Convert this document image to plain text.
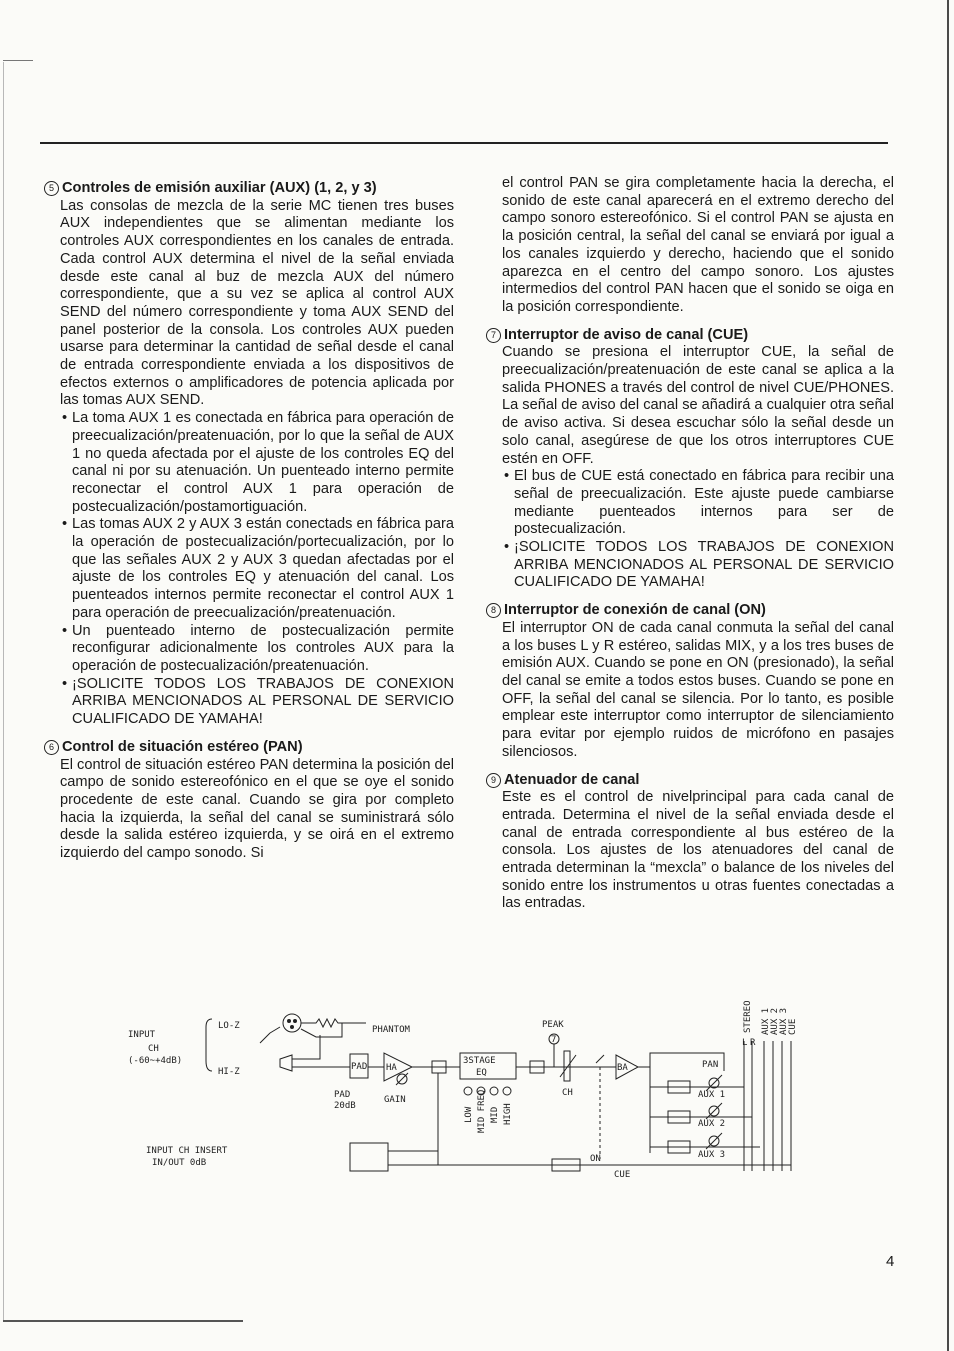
5 Controles de emisión auxiliar (AUX) (1, 2, y 3)

Las consolas de mezcla de la serie MC tienen tres buses AUX independientes que se alimentan mediante los controles AUX correspondientes en los canales de entrada. Cada control AUX determina el nivel de la señal enviada desde este canal al buz de mezcla AUX del número correspondiente, que a su vez se aplica al control AUX SEND del número correspondiente y toma AUX SEND del panel posterior de la consola. Los controles AUX pueden usarse para determinar la cantidad de señal desde el canal de entrada correspondiente enviada a los dispositivos de efectos externos o amplificadores de potencia aplicada por las tomas AUX SEND.

• La toma AUX 1 es conectada en fábrica para operación de preecualización/preatenuación, por lo que la señal de AUX 1 no queda afectada por el ajuste de los controles EQ del canal ni por su atenuación. Un puenteado interno permite reconectar el control AUX 1 para operación de postecualización/postamortiguación.
• Las tomas AUX 2 y AUX 3 están conectads en fábrica para la operación de postecualización/portecualización, por lo que las señales AUX 2 y AUX 3 quedan afectadas por el ajuste de los controles EQ y atenuación del canal. Los puenteados internos permite reconectar el control AUX 1 para operación de preecualización/preatenuación.
• Un puenteado interno de postecualización permite reconfigurar adicionalmente los controles AUX para la operación de postecualización/preatenuación.
• ¡SOLICITE TODOS LOS TRABAJOS DE CONEXION ARRIBA MENCIONADOS AL PERSONAL DE SERVICIO CUALIFICADO DE YAMAHA!

6 Control de situación estéreo (PAN)

El control de situación estéreo PAN determina la posición del campo de sonido estereofónico en el que se oye el sonido procedente de este canal. Cuando se gira por completo hacia la izquierda, la señal del canal se suministrará sólo desde la salida estéreo izquierda, y se oirá en el extremo izquierdo del campo sonodo. Si

el control PAN se gira completamente hacia la derecha, el sonido de este canal aparecerá en el extremo derecho del campo sonoro estereofónico. Si el control PAN se ajusta en la posición central, la señal del canal se enviará por igual a los canales izquierdo y derecho, haciendo que el sonido aparezca en el centro del campo sonoro. Los ajustes intermedios del control PAN hacen que el sonido se oiga en la posición correspondiente.

7 Interruptor de aviso de canal (CUE)

Cuando se presiona el interruptor CUE, la señal de preecualización/preatenuación de este canal se aplica a la salida PHONES a través del control de nivel CUE/PHONES. La señal de aviso del canal se añadirá a cualquier otra señal de aviso activa. Si desea escuchar sólo la señal desde un solo canal, asegúrese de que los otros interruptores CUE estén en OFF.

• El bus de CUE está conectado en fábrica para recibir una señal de preecualización. Este ajuste puede cambiarse mediante puenteados internos para ser de postecualización.
• ¡SOLICITE TODOS LOS TRABAJOS DE CONEXION ARRIBA MENCIONADOS AL PERSONAL DE SERVICIO CUALIFICADO DE YAMAHA!

8 Interruptor de conexión de canal (ON)

El interruptor ON de cada canal conmuta la señal del canal a los buses L y R estéreo, salidas MIX, y a los tres buses de emisión AUX. Cuando se pone en ON (presionado), la señal del canal se emite a todos estos buses. Cuando se pone en OFF, la señal del canal se silencia. Por lo tanto, es posible emplear este interruptor como interruptor de silenciamiento para evitar por ejemplo ruidos de micrófono en pasajes silenciosos.

9 Atenuador de canal

Este es el control de nivelprincipal para cada canal de entrada. Determina el nivel de la señal enviada desde el canal de entrada correspondiente al bus estéreo de la consola. Los ajustes de los atenuadores del canal de entrada determinan la “mexcla” o balance de los niveles del sonido entre los instrumentos u otras fuentes conectadas a las entradas.

INPUT
CH
(-60~+4dB)
LO-Z
HI-Z
PHANTOM
PAD HA
PAD
20dB
GAIN
3STAGE
EQ
LOW MID FREQ MID HIGH
PEAK
7
CH
BA	PAN
AUX 1
AUX 2
AUX 3
STEREO
L R
AUX 1 AUX 2 AUX 3 CUE
INPUT CH INSERT
IN/OUT 0dB	ON
CUE
4
